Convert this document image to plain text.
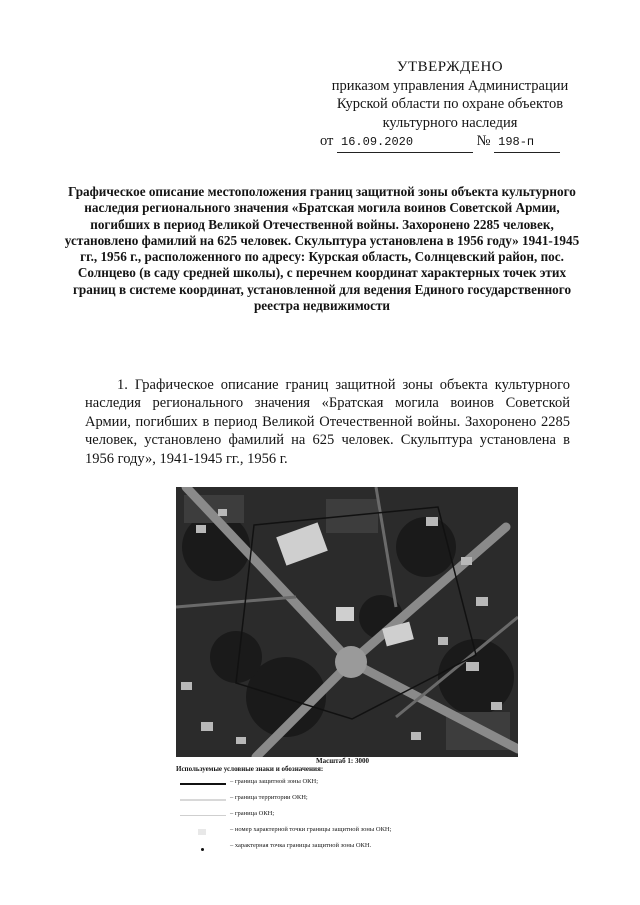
УТВЕРЖДЕНО
приказом управления Администрации
Курской области по охране объектов
культурного наследия
от 16.09.2020	№ 198-п
Графическое описание местоположения границ защитной зоны объекта культурного наследия регионального значения «Братская могила воинов Советской Армии, погибших в период Великой Отечественной войны. Захоронено 2285 человек, установлено фамилий на 625 человек. Скульптура установлена в 1956 году» 1941-1945 гг., 1956 г., расположенного по адресу: Курская область, Солнцевский район, пос. Солнцево (в саду средней школы), с перечнем координат характерных точек этих границ в системе координат, установленной для ведения Единого государственного реестра недвижимости
1. Графическое описание границ защитной зоны объекта культурного наследия регионального значения «Братская могила воинов Советской Армии, погибших в период Великой Отечественной войны. Захоронено 2285 человек, установлено фамилий на 625 человек. Скульптура установлена в 1956 году», 1941-1945 гг., 1956 г.
Масштаб 1: 3000
Используемые условные знаки и обозначения:
– граница защитной зоны ОКН;
– граница территории ОКН;
– граница ОКН;
– номер характерной точки границы защитной зоны ОКН;
– характерная точка границы защитной зоны ОКН.
